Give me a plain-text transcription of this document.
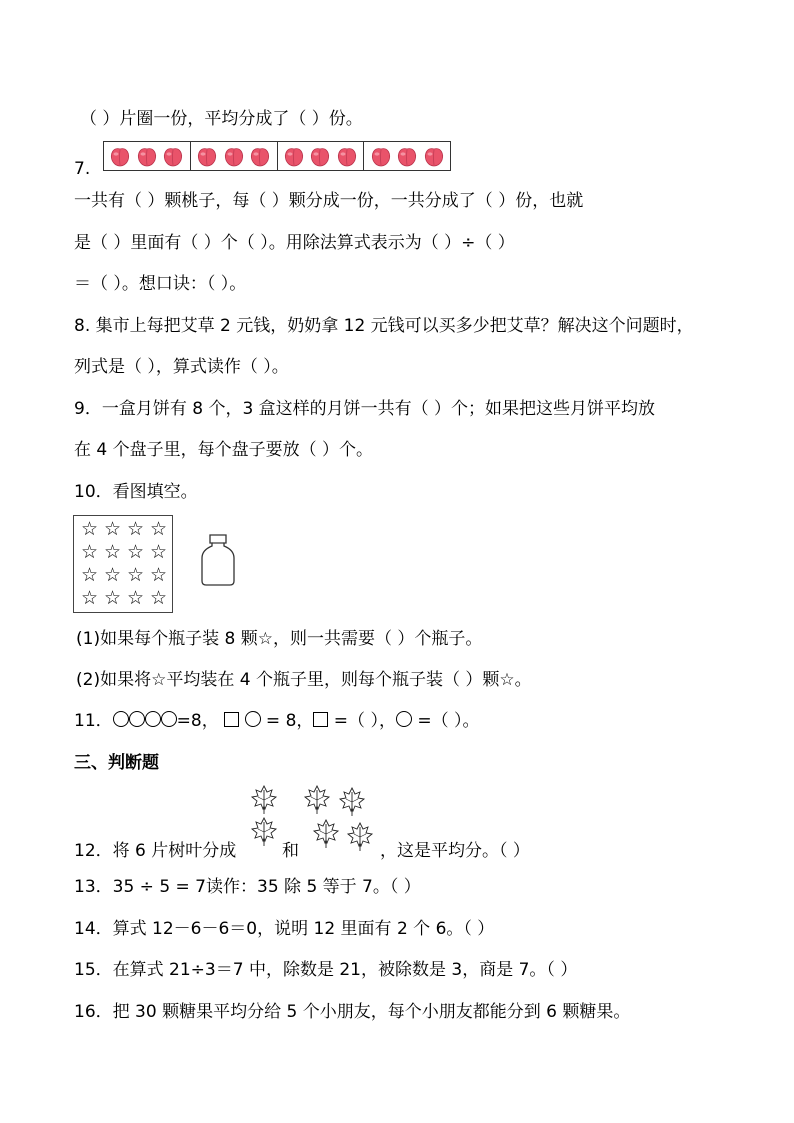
（ ）片圈一份，平均分成了（ ）份。
7.
一共有（ ）颗桃子，每（ ）颗分成一份，一共分成了（ ）份，也就
是（ ）里面有（ ）个（ ）。用除法算式表示为（ ）÷（ ）
＝（ ）。想口诀：（ ）。
8. 集市上每把艾草 2 元钱，奶奶拿 12 元钱可以买多少把艾草？解决这个问题时，
列式是（ ），算式读作（ ）。
9．一盒月饼有 8 个，3 盒这样的月饼一共有（ ）个；如果把这些月饼平均放
在 4 个盘子里，每个盘子要放（ ）个。
10．看图填空。
☆ ☆ ☆ ☆
☆ ☆ ☆ ☆
☆ ☆ ☆ ☆
☆ ☆ ☆ ☆
(1)如果每个瓶子装 8 颗☆，则一共需要（ ）个瓶子。
(2)如果将☆平均装在 4 个瓶子里，则每个瓶子装（ ）颗☆。
11．	=8，   = 8， =（ ）， =（ ）。
三、判断题
12．将 6 片树叶分成	和	，这是平均分。（ ）
13．35 ÷ 5 = 7读作：35 除 5 等于 7。（ ）
14．算式 12－6－6＝0，说明 12 里面有 2 个 6。（ ）
15．在算式 21÷3＝7 中，除数是 21，被除数是 3，商是 7。（ ）
16．把 30 颗糖果平均分给 5 个小朋友，每个小朋友都能分到 6 颗糖果。
